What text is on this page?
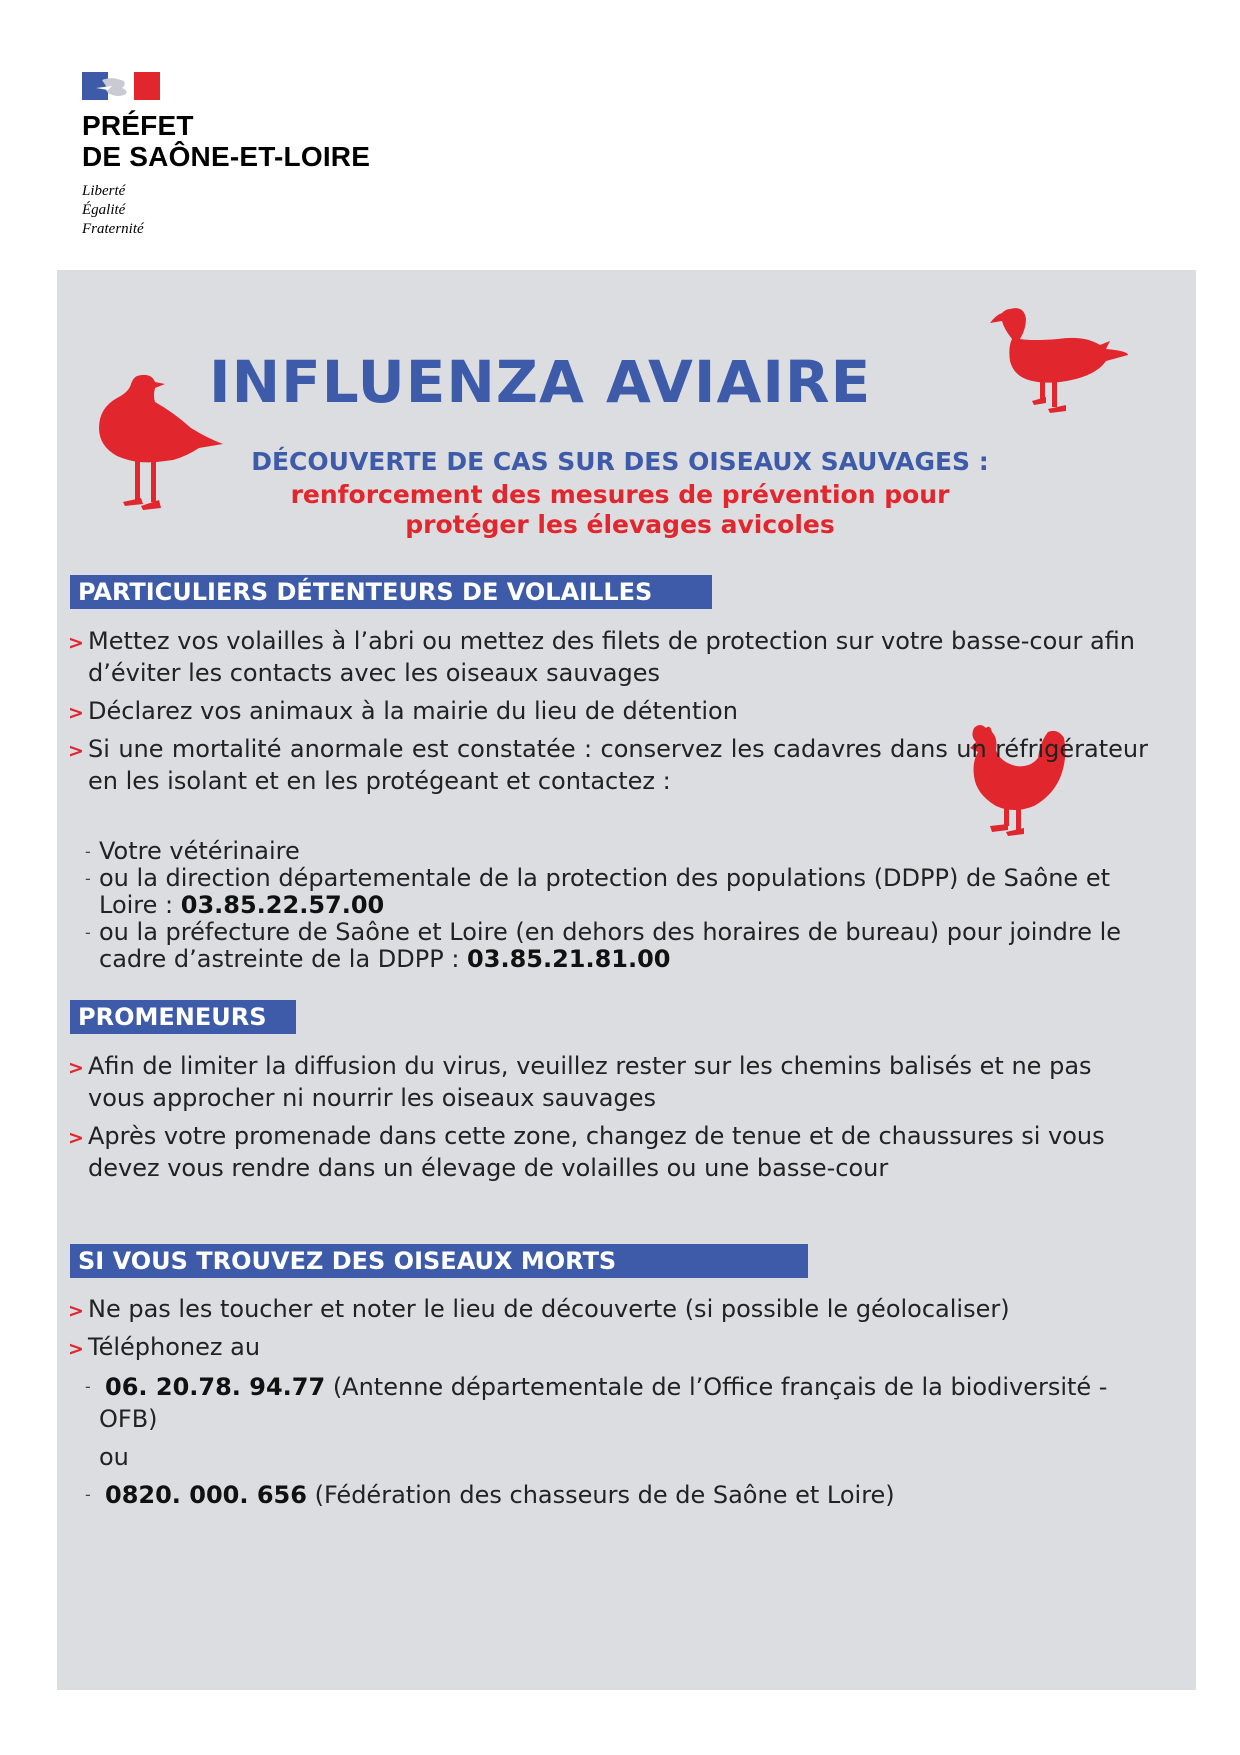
PRÉFET
DE SAÔNE-ET-LOIRE
Liberté
Égalité
Fraternité
INFLUENZA AVIAIRE
DÉCOUVERTE DE CAS SUR DES OISEAUX SAUVAGES :
renforcement des mesures de prévention pour
protéger les élevages avicoles
PARTICULIERS DÉTENTEURS DE VOLAILLES
> Mettez vos volailles à l’abri ou mettez des filets de protection sur votre basse-cour afin d’éviter les contacts avec les oiseaux sauvages
> Déclarez vos animaux à la mairie du lieu de détention
> Si une mortalité anormale est constatée : conservez les cadavres dans un réfrigérateur en les isolant et en les protégeant et contactez :
- Votre vétérinaire
- ou la direction départementale de la protection des populations (DDPP) de Saône et Loire : 03.85.22.57.00
- ou la préfecture de Saône et Loire (en dehors des horaires de bureau) pour joindre le cadre d’astreinte de la DDPP : 03.85.21.81.00
PROMENEURS
> Afin de limiter la diffusion du virus, veuillez rester sur les chemins balisés et ne pas vous approcher ni nourrir les oiseaux sauvages
> Après votre promenade dans cette zone, changez de tenue et de chaussures si vous devez vous rendre dans un élevage de volailles ou une basse-cour
SI VOUS TROUVEZ DES OISEAUX MORTS
> Ne pas les toucher et noter le lieu de découverte (si possible le géolocaliser)
> Téléphonez au
- 06. 20.78. 94.77 (Antenne départementale de l’Office français de la biodiversité - OFB)
ou
- 0820. 000. 656 (Fédération des chasseurs de de Saône et Loire)
